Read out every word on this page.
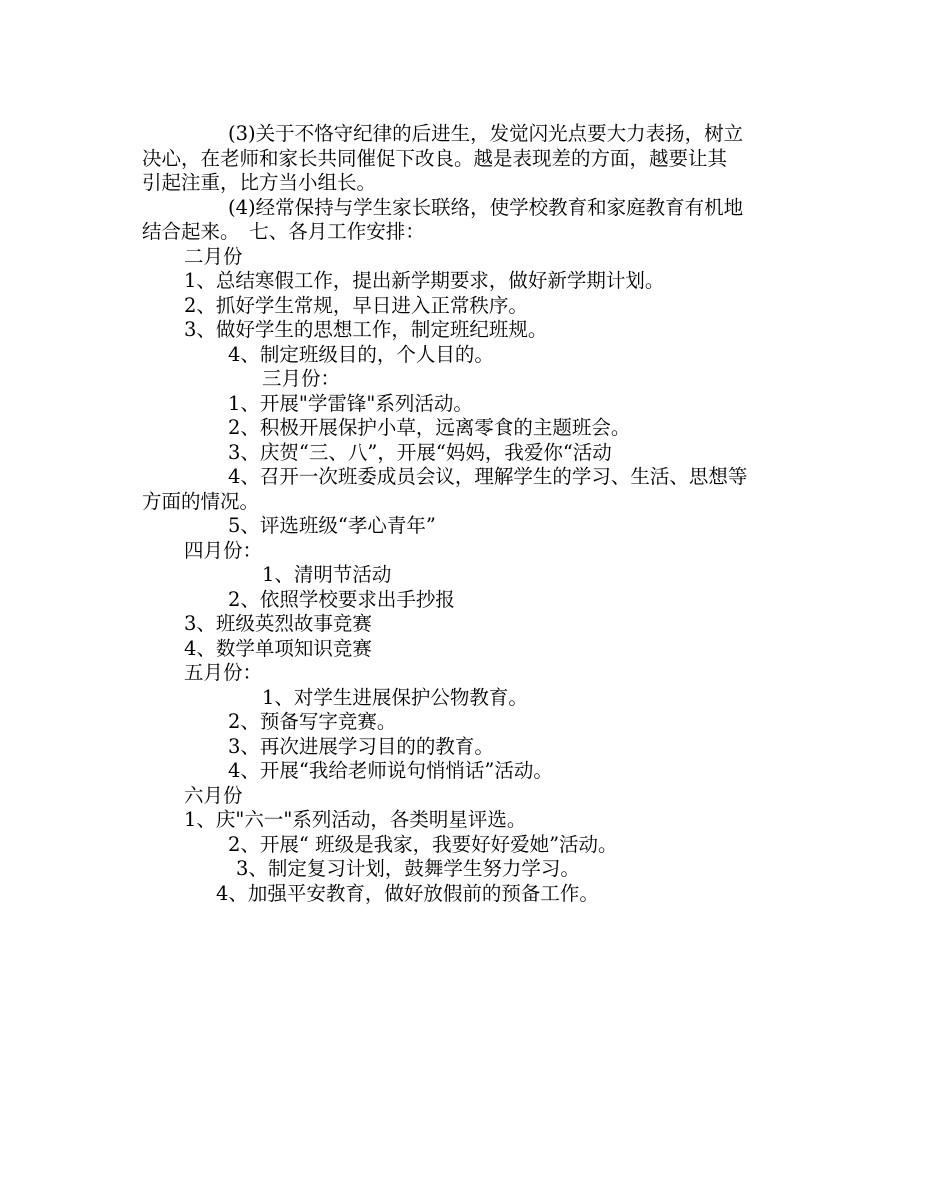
(3)关于不恪守纪律的后进生，发觉闪光点要大力表扬，树立
决心，在老师和家长共同催促下改良。越是表现差的方面，越要让其
引起注重，比方当小组长。
(4)经常保持与学生家长联络，使学校教育和家庭教育有机地
结合起来。　七、各月工作安排：
二月份
1、总结寒假工作，提出新学期要求，做好新学期计划。
2、抓好学生常规，早日进入正常秩序。
3、做好学生的思想工作，制定班纪班规。
4、制定班级目的，个人目的。
三月份：
1、开展"学雷锋"系列活动。
2、积极开展保护小草，远离零食的主题班会。
3、庆贺“三、八”，开展“妈妈，我爱你“活动
4、召开一次班委成员会议，理解学生的学习、生活、思想等
方面的情况。
5、评选班级“孝心青年”
四月份：
1、清明节活动
2、依照学校要求出手抄报
3、班级英烈故事竞赛
4、数学单项知识竞赛
五月份：
1、对学生进展保护公物教育。
2、预备写字竞赛。
3、再次进展学习目的的教育。
4、开展“我给老师说句悄悄话”活动。
六月份
1、庆"六一"系列活动，各类明星评选。
2、开展“ 班级是我家，我要好好爱她”活动。
3、制定复习计划，鼓舞学生努力学习。
4、加强平安教育，做好放假前的预备工作。
